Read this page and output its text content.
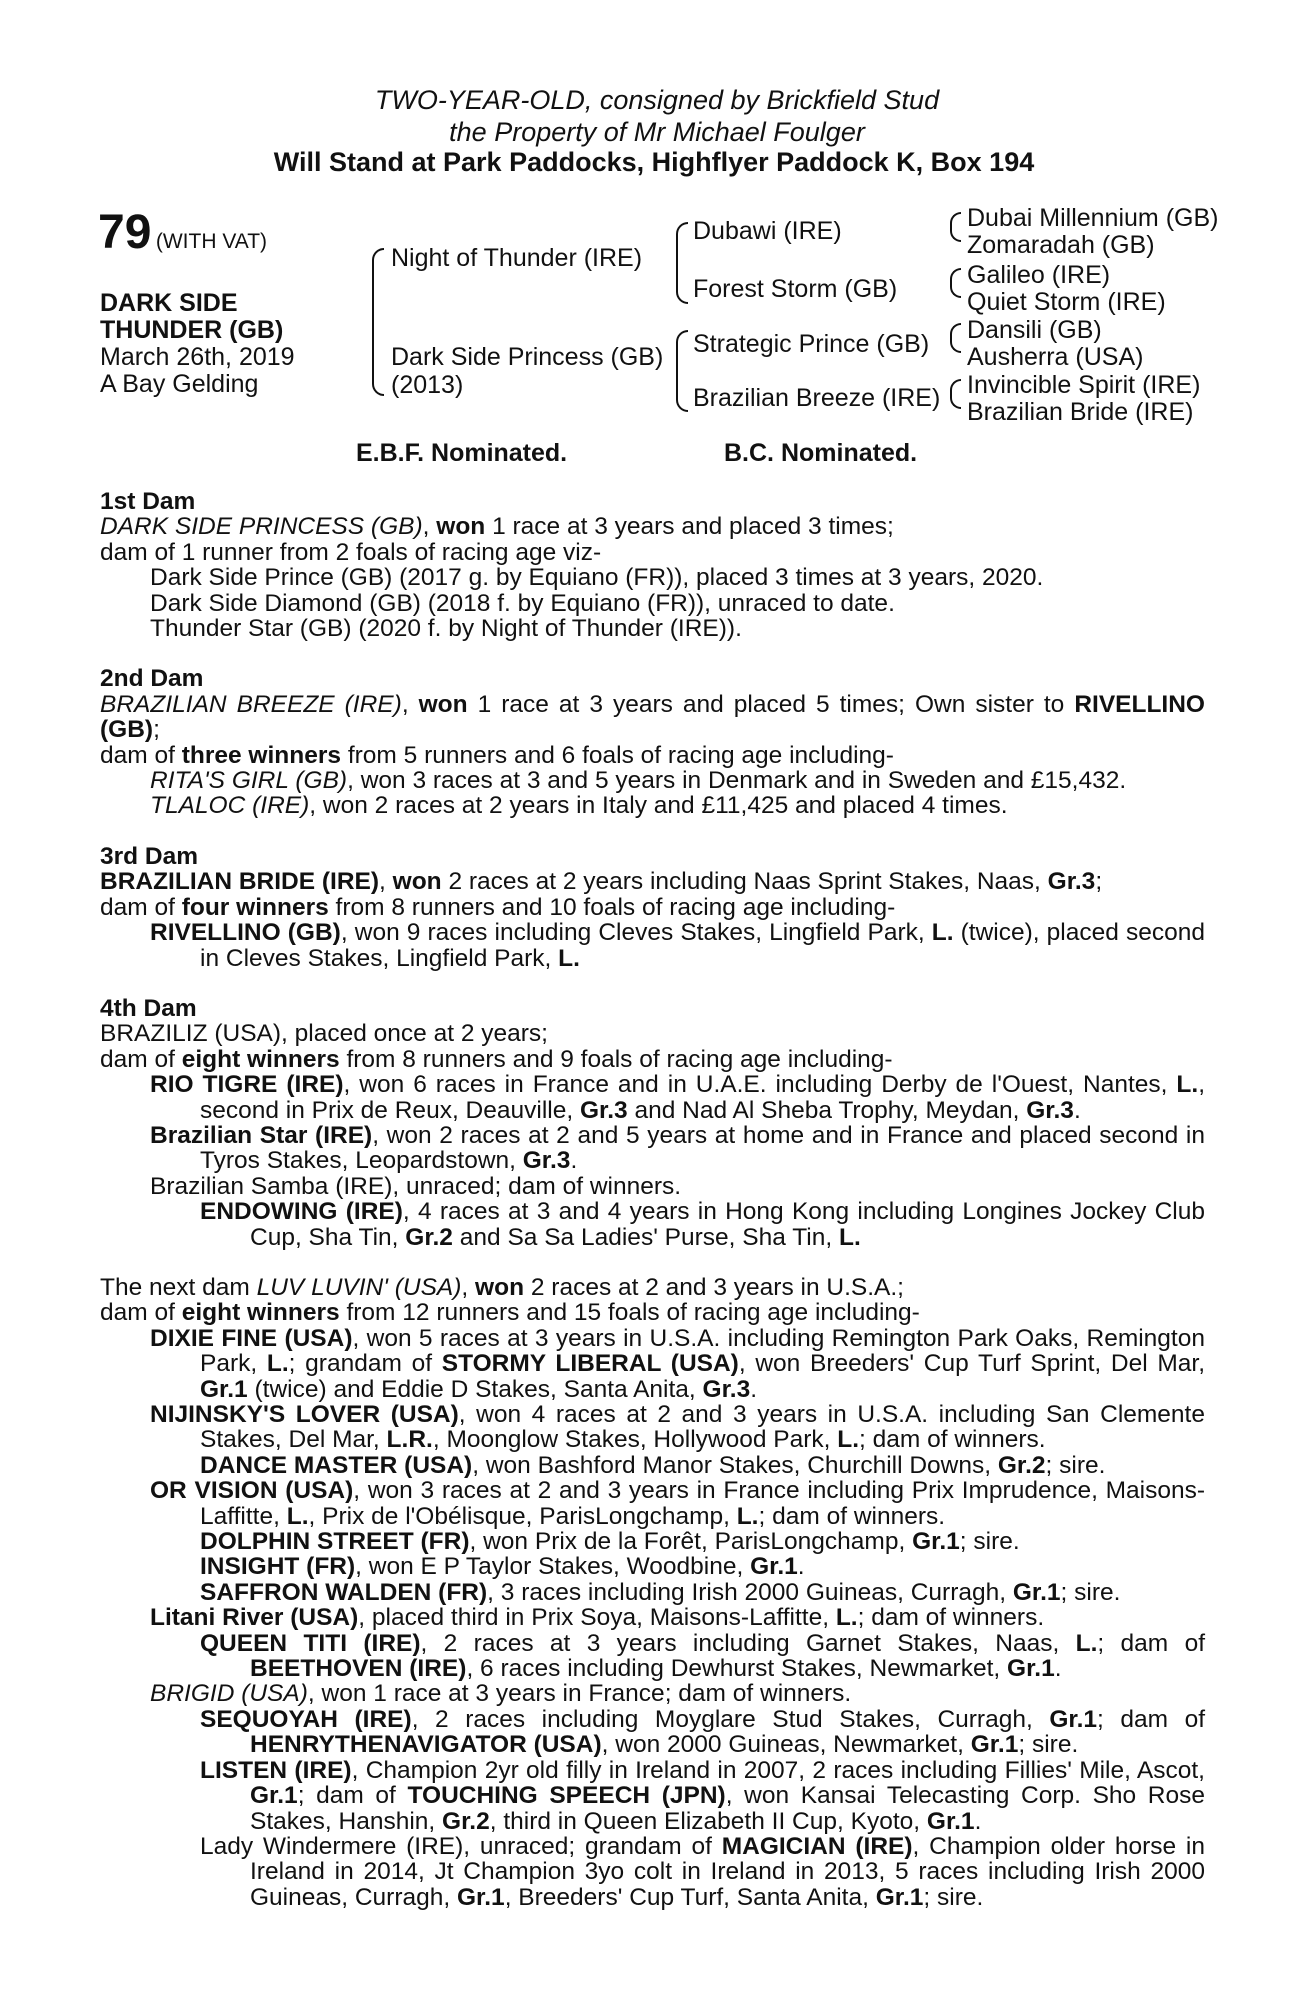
TWO-YEAR-OLD, consigned by Brickfield Stud
the Property of Mr Michael Foulger
Will Stand at Park Paddocks, Highflyer Paddock K, Box 194
79 (WITH VAT)
DARK SIDE
THUNDER (GB)
March 26th, 2019
A Bay Gelding
Night of Thunder (IRE)
Dark Side Princess (GB)
(2013)
Dubawi (IRE)
Forest Storm (GB)
Strategic Prince (GB)
Brazilian Breeze (IRE)
Dubai Millennium (GB)
Zomaradah (GB)
Galileo (IRE)
Quiet Storm (IRE)
Dansili (GB)
Ausherra (USA)
Invincible Spirit (IRE)
Brazilian Bride (IRE)
E.B.F. Nominated.	B.C. Nominated.

1st Dam

DARK SIDE PRINCESS (GB), won 1 race at 3 years and placed 3 times;

dam of 1 runner from 2 foals of racing age viz-

Dark Side Prince (GB) (2017 g. by Equiano (FR)), placed 3 times at 3 years, 2020.

Dark Side Diamond (GB) (2018 f. by Equiano (FR)), unraced to date.

Thunder Star (GB) (2020 f. by Night of Thunder (IRE)).

2nd Dam

BRAZILIAN BREEZE (IRE), won 1 race at 3 years and placed 5 times; Own sister to RIVELLINO (GB);

dam of three winners from 5 runners and 6 foals of racing age including-

RITA'S GIRL (GB), won 3 races at 3 and 5 years in Denmark and in Sweden and £15,432.

TLALOC (IRE), won 2 races at 2 years in Italy and £11,425 and placed 4 times.

3rd Dam

BRAZILIAN BRIDE (IRE), won 2 races at 2 years including Naas Sprint Stakes, Naas, Gr.3;

dam of four winners from 8 runners and 10 foals of racing age including-

RIVELLINO (GB), won 9 races including Cleves Stakes, Lingfield Park, L. (twice), placed second in Cleves Stakes, Lingfield Park, L.

4th Dam

BRAZILIZ (USA), placed once at 2 years;

dam of eight winners from 8 runners and 9 foals of racing age including-

RIO TIGRE (IRE), won 6 races in France and in U.A.E. including Derby de l'Ouest, Nantes, L., second in Prix de Reux, Deauville, Gr.3 and Nad Al Sheba Trophy, Meydan, Gr.3.

Brazilian Star (IRE), won 2 races at 2 and 5 years at home and in France and placed second in Tyros Stakes, Leopardstown, Gr.3.

Brazilian Samba (IRE), unraced; dam of winners.

ENDOWING (IRE), 4 races at 3 and 4 years in Hong Kong including Longines Jockey Club Cup, Sha Tin, Gr.2 and Sa Sa Ladies' Purse, Sha Tin, L.

The next dam LUV LUVIN' (USA), won 2 races at 2 and 3 years in U.S.A.;

dam of eight winners from 12 runners and 15 foals of racing age including-

DIXIE FINE (USA), won 5 races at 3 years in U.S.A. including Remington Park Oaks, Remington Park, L.; grandam of STORMY LIBERAL (USA), won Breeders' Cup Turf Sprint, Del Mar, Gr.1 (twice) and Eddie D Stakes, Santa Anita, Gr.3.

NIJINSKY'S LOVER (USA), won 4 races at 2 and 3 years in U.S.A. including San Clemente Stakes, Del Mar, L.R., Moonglow Stakes, Hollywood Park, L.; dam of winners.

DANCE MASTER (USA), won Bashford Manor Stakes, Churchill Downs, Gr.2; sire.

OR VISION (USA), won 3 races at 2 and 3 years in France including Prix Imprudence, Maisons-Laffitte, L., Prix de l'Obélisque, ParisLongchamp, L.; dam of winners.

DOLPHIN STREET (FR), won Prix de la Forêt, ParisLongchamp, Gr.1; sire.

INSIGHT (FR), won E P Taylor Stakes, Woodbine, Gr.1.

SAFFRON WALDEN (FR), 3 races including Irish 2000 Guineas, Curragh, Gr.1; sire.

Litani River (USA), placed third in Prix Soya, Maisons-Laffitte, L.; dam of winners.

QUEEN TITI (IRE), 2 races at 3 years including Garnet Stakes, Naas, L.; dam of BEETHOVEN (IRE), 6 races including Dewhurst Stakes, Newmarket, Gr.1.

BRIGID (USA), won 1 race at 3 years in France; dam of winners.

SEQUOYAH (IRE), 2 races including Moyglare Stud Stakes, Curragh, Gr.1; dam of HENRYTHENAVIGATOR (USA), won 2000 Guineas, Newmarket, Gr.1; sire.

LISTEN (IRE), Champion 2yr old filly in Ireland in 2007, 2 races including Fillies' Mile, Ascot, Gr.1; dam of TOUCHING SPEECH (JPN), won Kansai Telecasting Corp. Sho Rose Stakes, Hanshin, Gr.2, third in Queen Elizabeth II Cup, Kyoto, Gr.1.

Lady Windermere (IRE), unraced; grandam of MAGICIAN (IRE), Champion older horse in Ireland in 2014, Jt Champion 3yo colt in Ireland in 2013, 5 races including Irish 2000 Guineas, Curragh, Gr.1, Breeders' Cup Turf, Santa Anita, Gr.1; sire.
